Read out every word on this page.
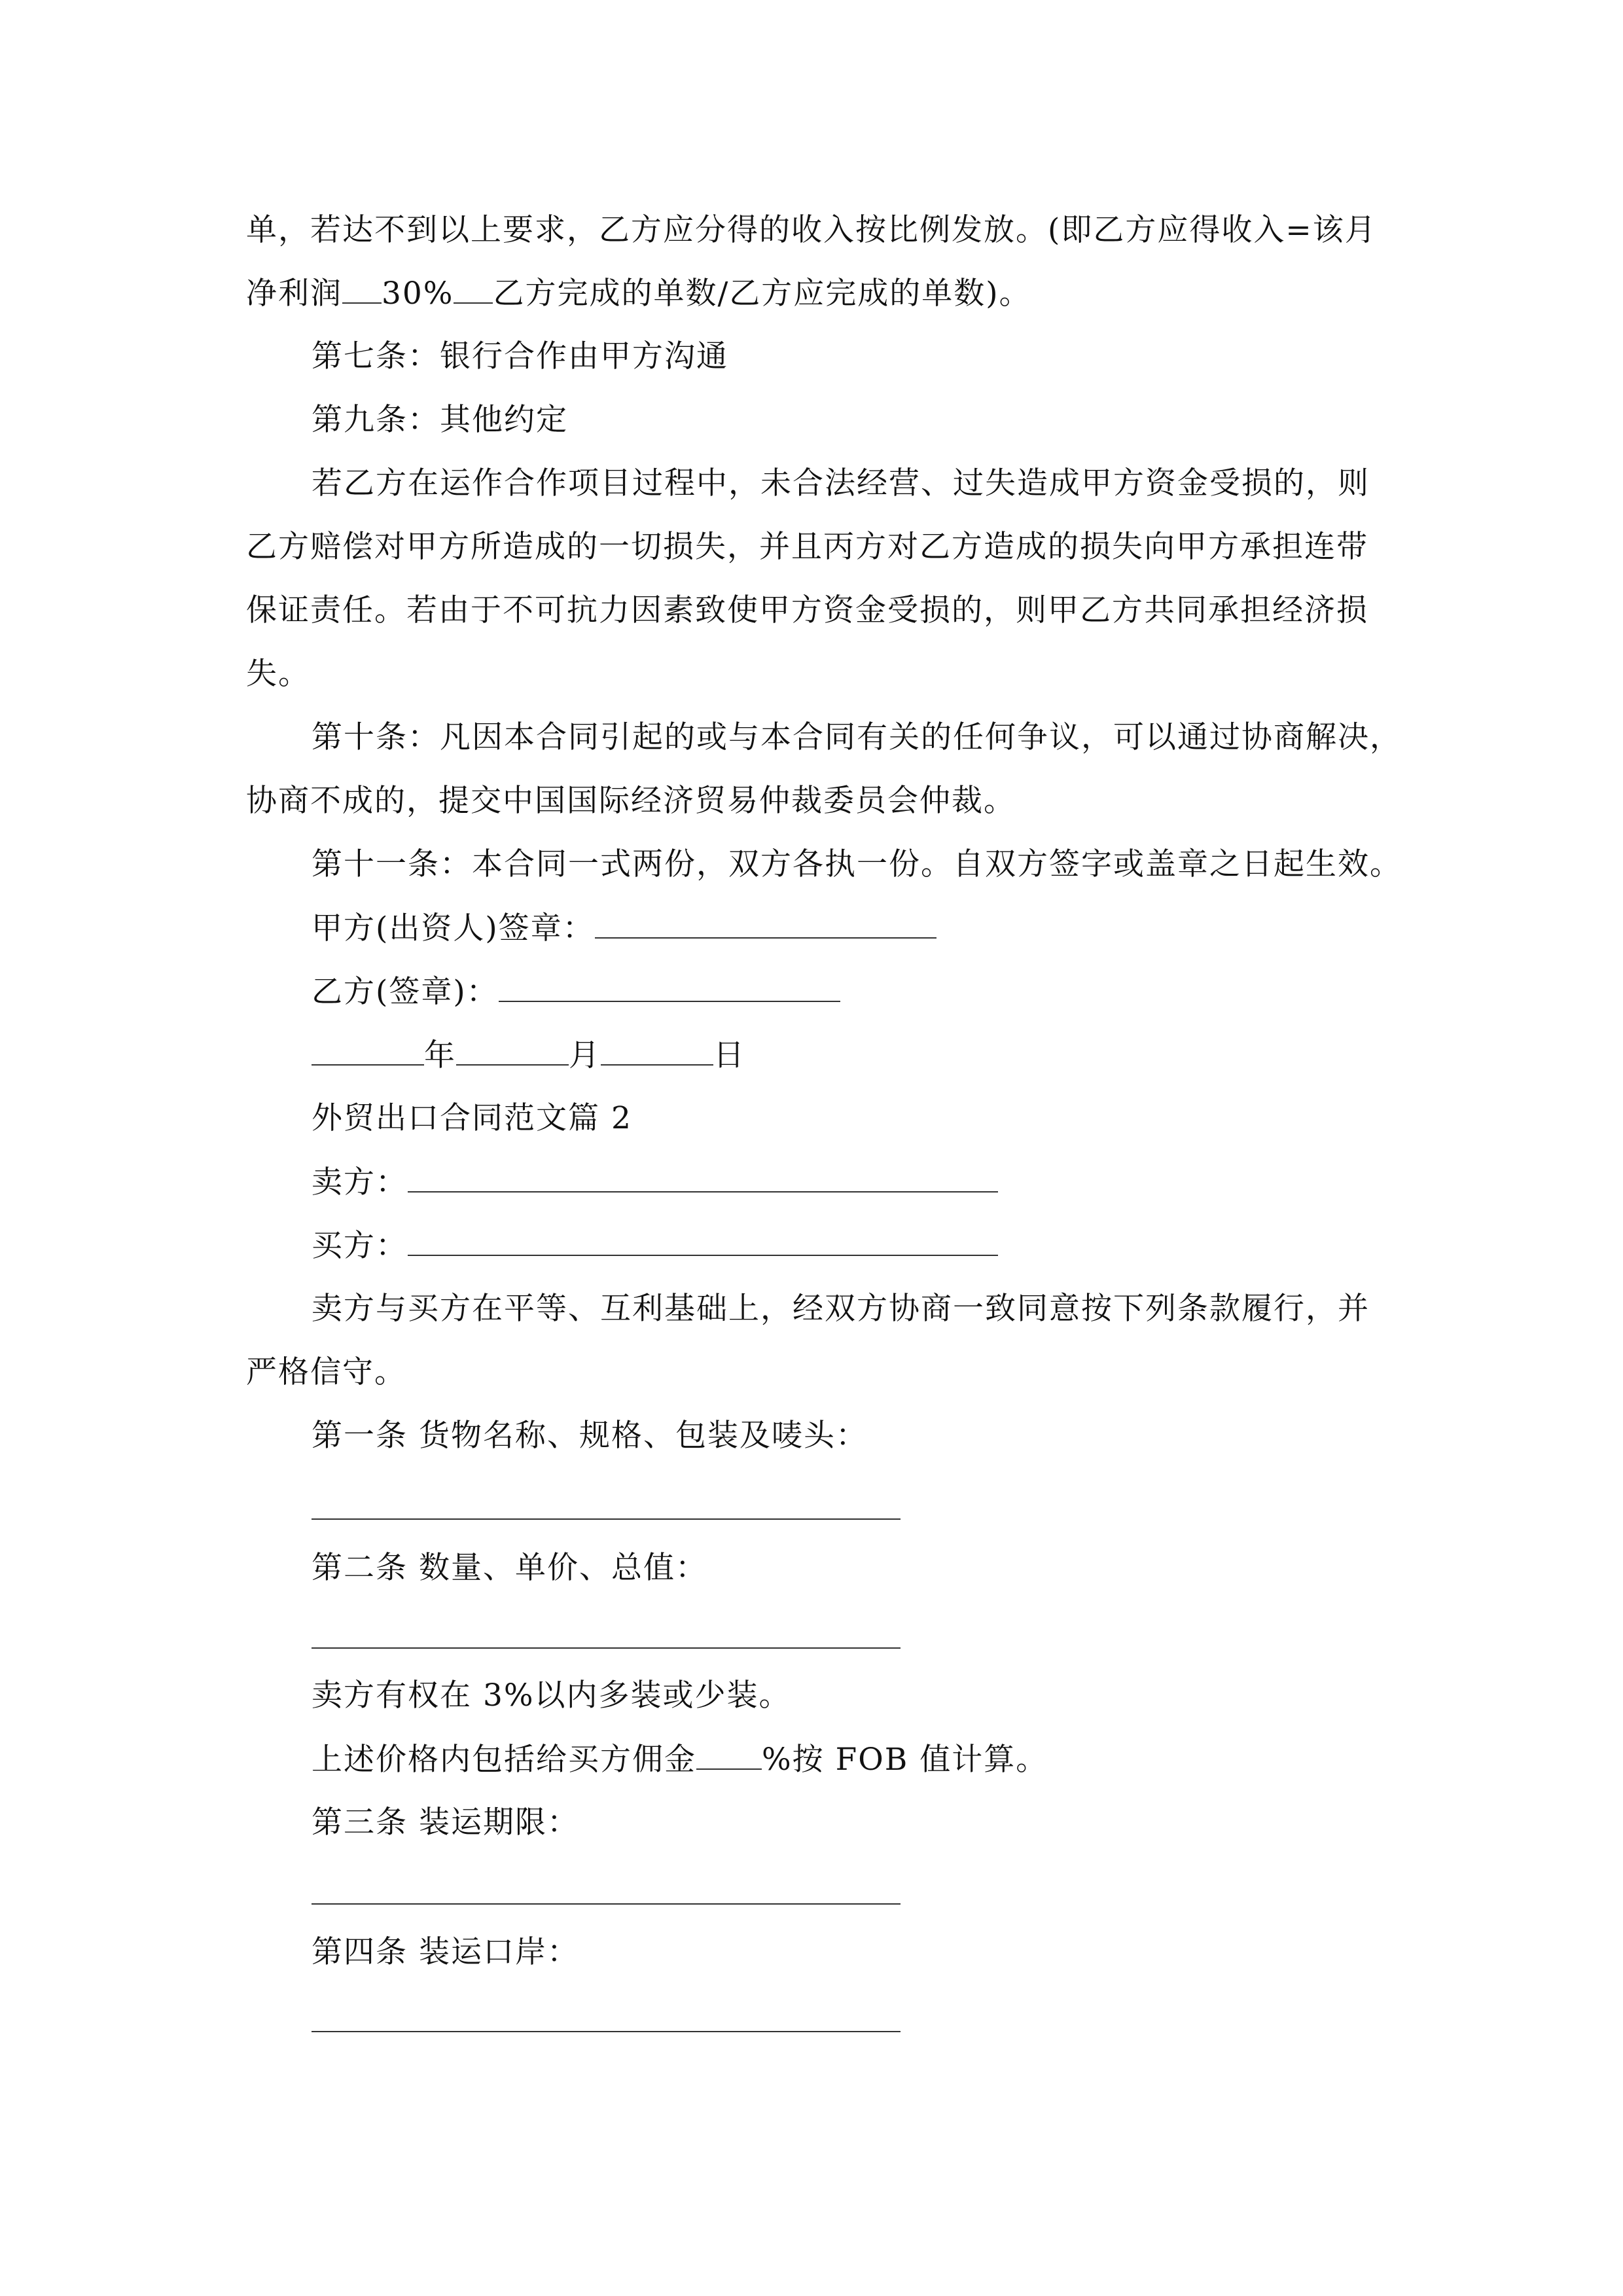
单，若达不到以上要求，乙方应分得的收入按比例发放。(即乙方应得收入=该月
净利润 30% 乙方完成的单数/乙方应完成的单数)。
第七条：银行合作由甲方沟通
第九条：其他约定
若乙方在运作合作项目过程中，未合法经营、过失造成甲方资金受损的，则
乙方赔偿对甲方所造成的一切损失，并且丙方对乙方造成的损失向甲方承担连带
保证责任。若由于不可抗力因素致使甲方资金受损的，则甲乙方共同承担经济损
失。
第十条：凡因本合同引起的或与本合同有关的任何争议，可以通过协商解决，
协商不成的，提交中国国际经济贸易仲裁委员会仲裁。
第十一条：本合同一式两份，双方各执一份。自双方签字或盖章之日起生效。
甲方(出资人)签章：
乙方(签章)：
年	月	日
外贸出口合同范文篇 2
卖方：
买方：
卖方与买方在平等、互利基础上，经双方协商一致同意按下列条款履行，并
严格信守。
第一条 货物名称、规格、包装及唛头：
第二条 数量、单价、总值：
卖方有权在 3%以内多装或少装。
上述价格内包括给买方佣金 %按 FOB 值计算。
第三条 装运期限：
第四条 装运口岸：
